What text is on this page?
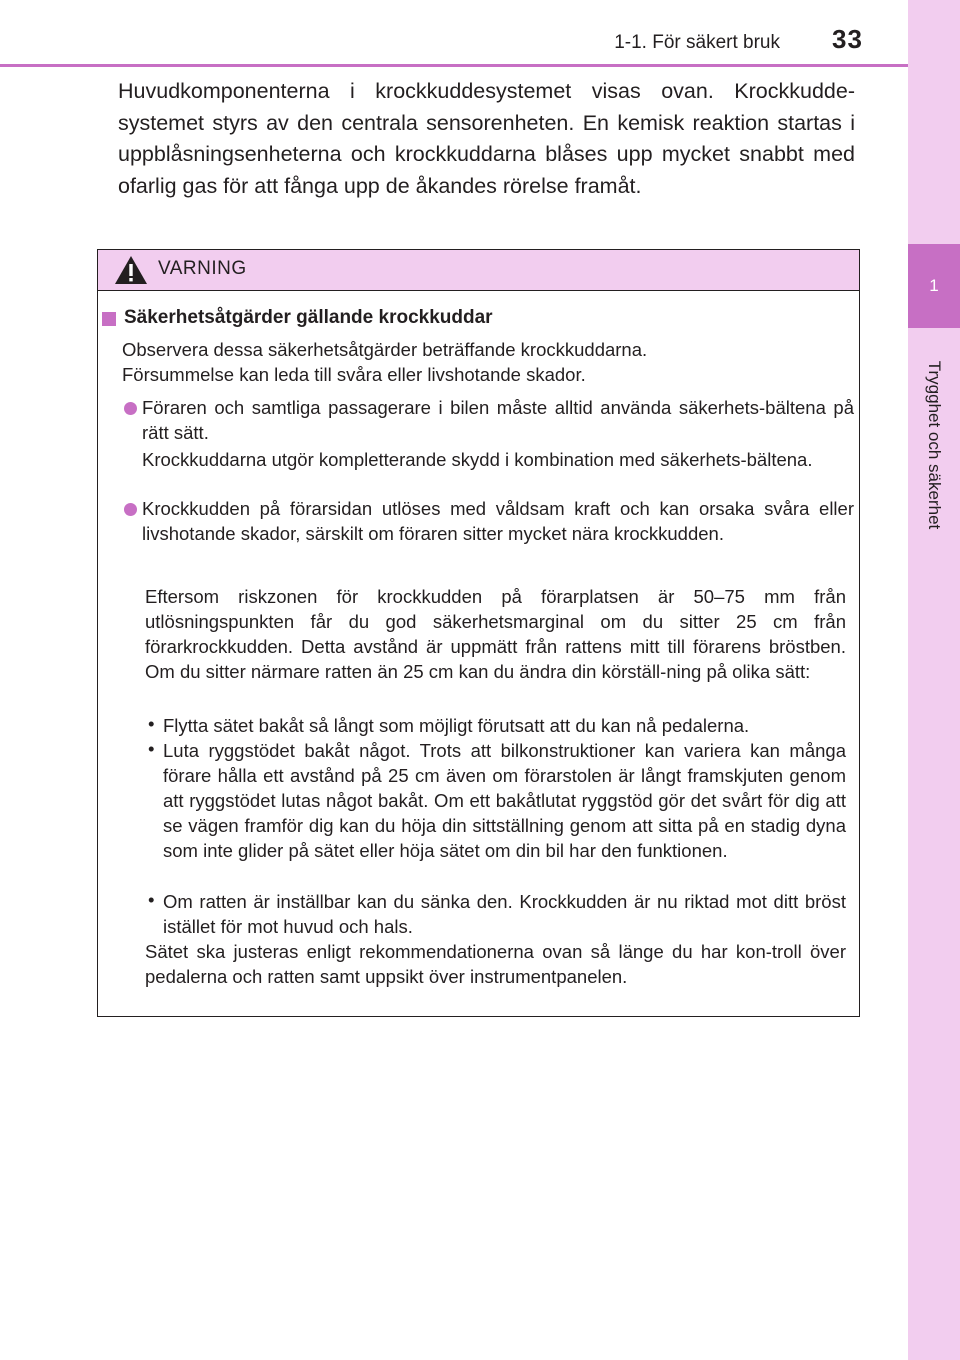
1
Trygghet och säkerhet
1-1. För säkert bruk 33

Huvudkomponenterna i krockkuddesystemet visas ovan. Krockkudde-systemet styrs av den centrala sensorenheten. En kemisk reaktion startas i uppblåsningsenheterna och krockkuddarna blåses upp mycket snabbt med ofarlig gas för att fånga upp de åkandes rörelse framåt.

VARNING
Säkerhetsåtgärder gällande krockkuddar

Observera dessa säkerhetsåtgärder beträffande krockkuddarna.

Försummelse kan leda till svåra eller livshotande skador.

Föraren och samtliga passagerare i bilen måste alltid använda säkerhets-bältena på rätt sätt.

Krockkuddarna utgör kompletterande skydd i kombination med säkerhets-bältena.

Krockkudden på förarsidan utlöses med våldsam kraft och kan orsaka svåra eller livshotande skador, särskilt om föraren sitter mycket nära krockkudden.

Eftersom riskzonen för krockkudden på förarplatsen är 50–75 mm från utlösningspunkten får du god säkerhetsmarginal om du sitter 25 cm från förarkrockkudden. Detta avstånd är uppmätt från rattens mitt till förarens bröstben. Om du sitter närmare ratten än 25 cm kan du ändra din körställ-ning på olika sätt:

• Flytta sätet bakåt så långt som möjligt förutsatt att du kan nå pedalerna.

• Luta ryggstödet bakåt något. Trots att bilkonstruktioner kan variera kan många förare hålla ett avstånd på 25 cm även om förarstolen är långt framskjuten genom att ryggstödet lutas något bakåt. Om ett bakåtlutat ryggstöd gör det svårt för dig att se vägen framför dig kan du höja din sittställning genom att sitta på en stadig dyna som inte glider på sätet eller höja sätet om din bil har den funktionen.

• Om ratten är inställbar kan du sänka den. Krockkudden är nu riktad mot ditt bröst istället för mot huvud och hals.

Sätet ska justeras enligt rekommendationerna ovan så länge du har kon-troll över pedalerna och ratten samt uppsikt över instrumentpanelen.
